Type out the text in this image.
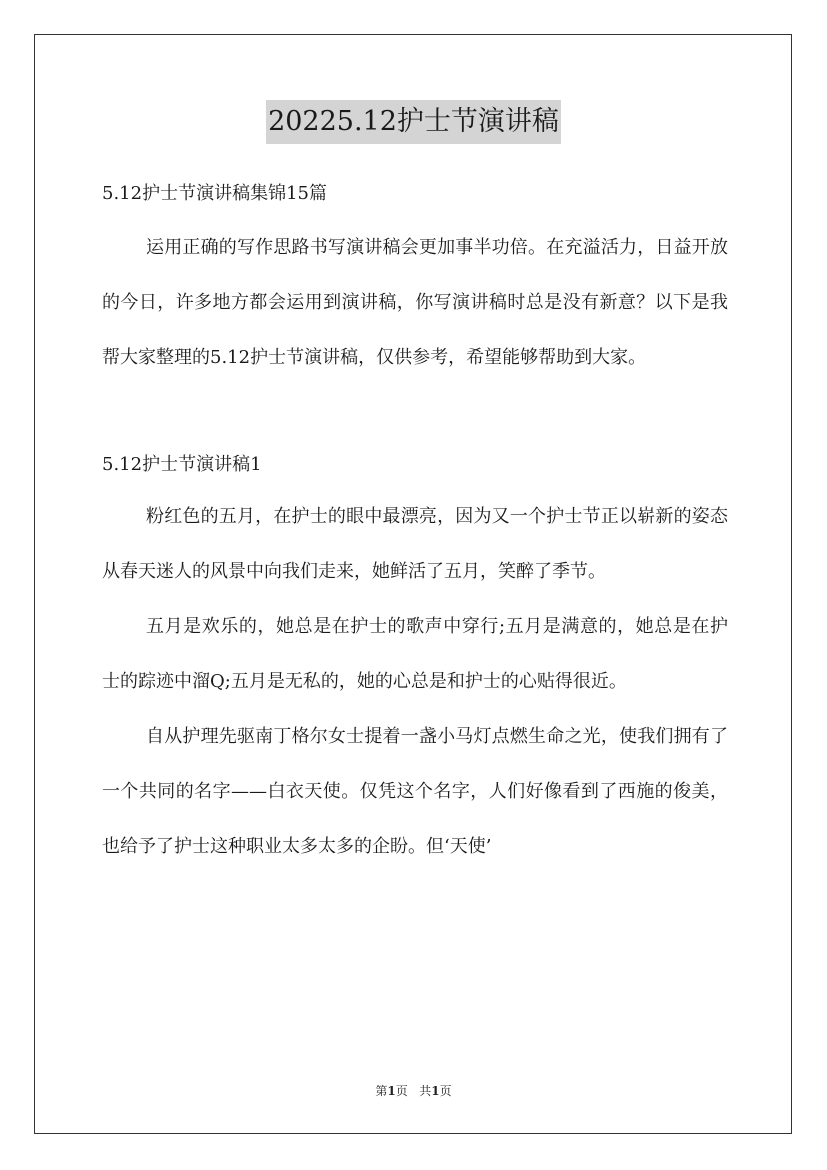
20225.12护士节演讲稿

5.12护士节演讲稿集锦15篇

运用正确的写作思路书写演讲稿会更加事半功倍。在充溢活力，日益开放的今日，许多地方都会运用到演讲稿，你写演讲稿时总是没有新意？以下是我帮大家整理的5.12护士节演讲稿，仅供参考，希望能够帮助到大家。

5.12护士节演讲稿1

粉红色的五月，在护士的眼中最漂亮，因为又一个护士节正以崭新的姿态从春天迷人的风景中向我们走来，她鲜活了五月，笑醉了季节。

五月是欢乐的，她总是在护士的歌声中穿行;五月是满意的，她总是在护士的踪迹中溜Q;五月是无私的，她的心总是和护士的心贴得很近。

自从护理先驱南丁格尔女士提着一盏小马灯点燃生命之光，使我们拥有了 一个共同的名字——白衣天使。仅凭这个名字，人们好像看到了西施的俊美，也给予了护士这种职业太多太多的企盼。但‘天使’

第1页 共1页
